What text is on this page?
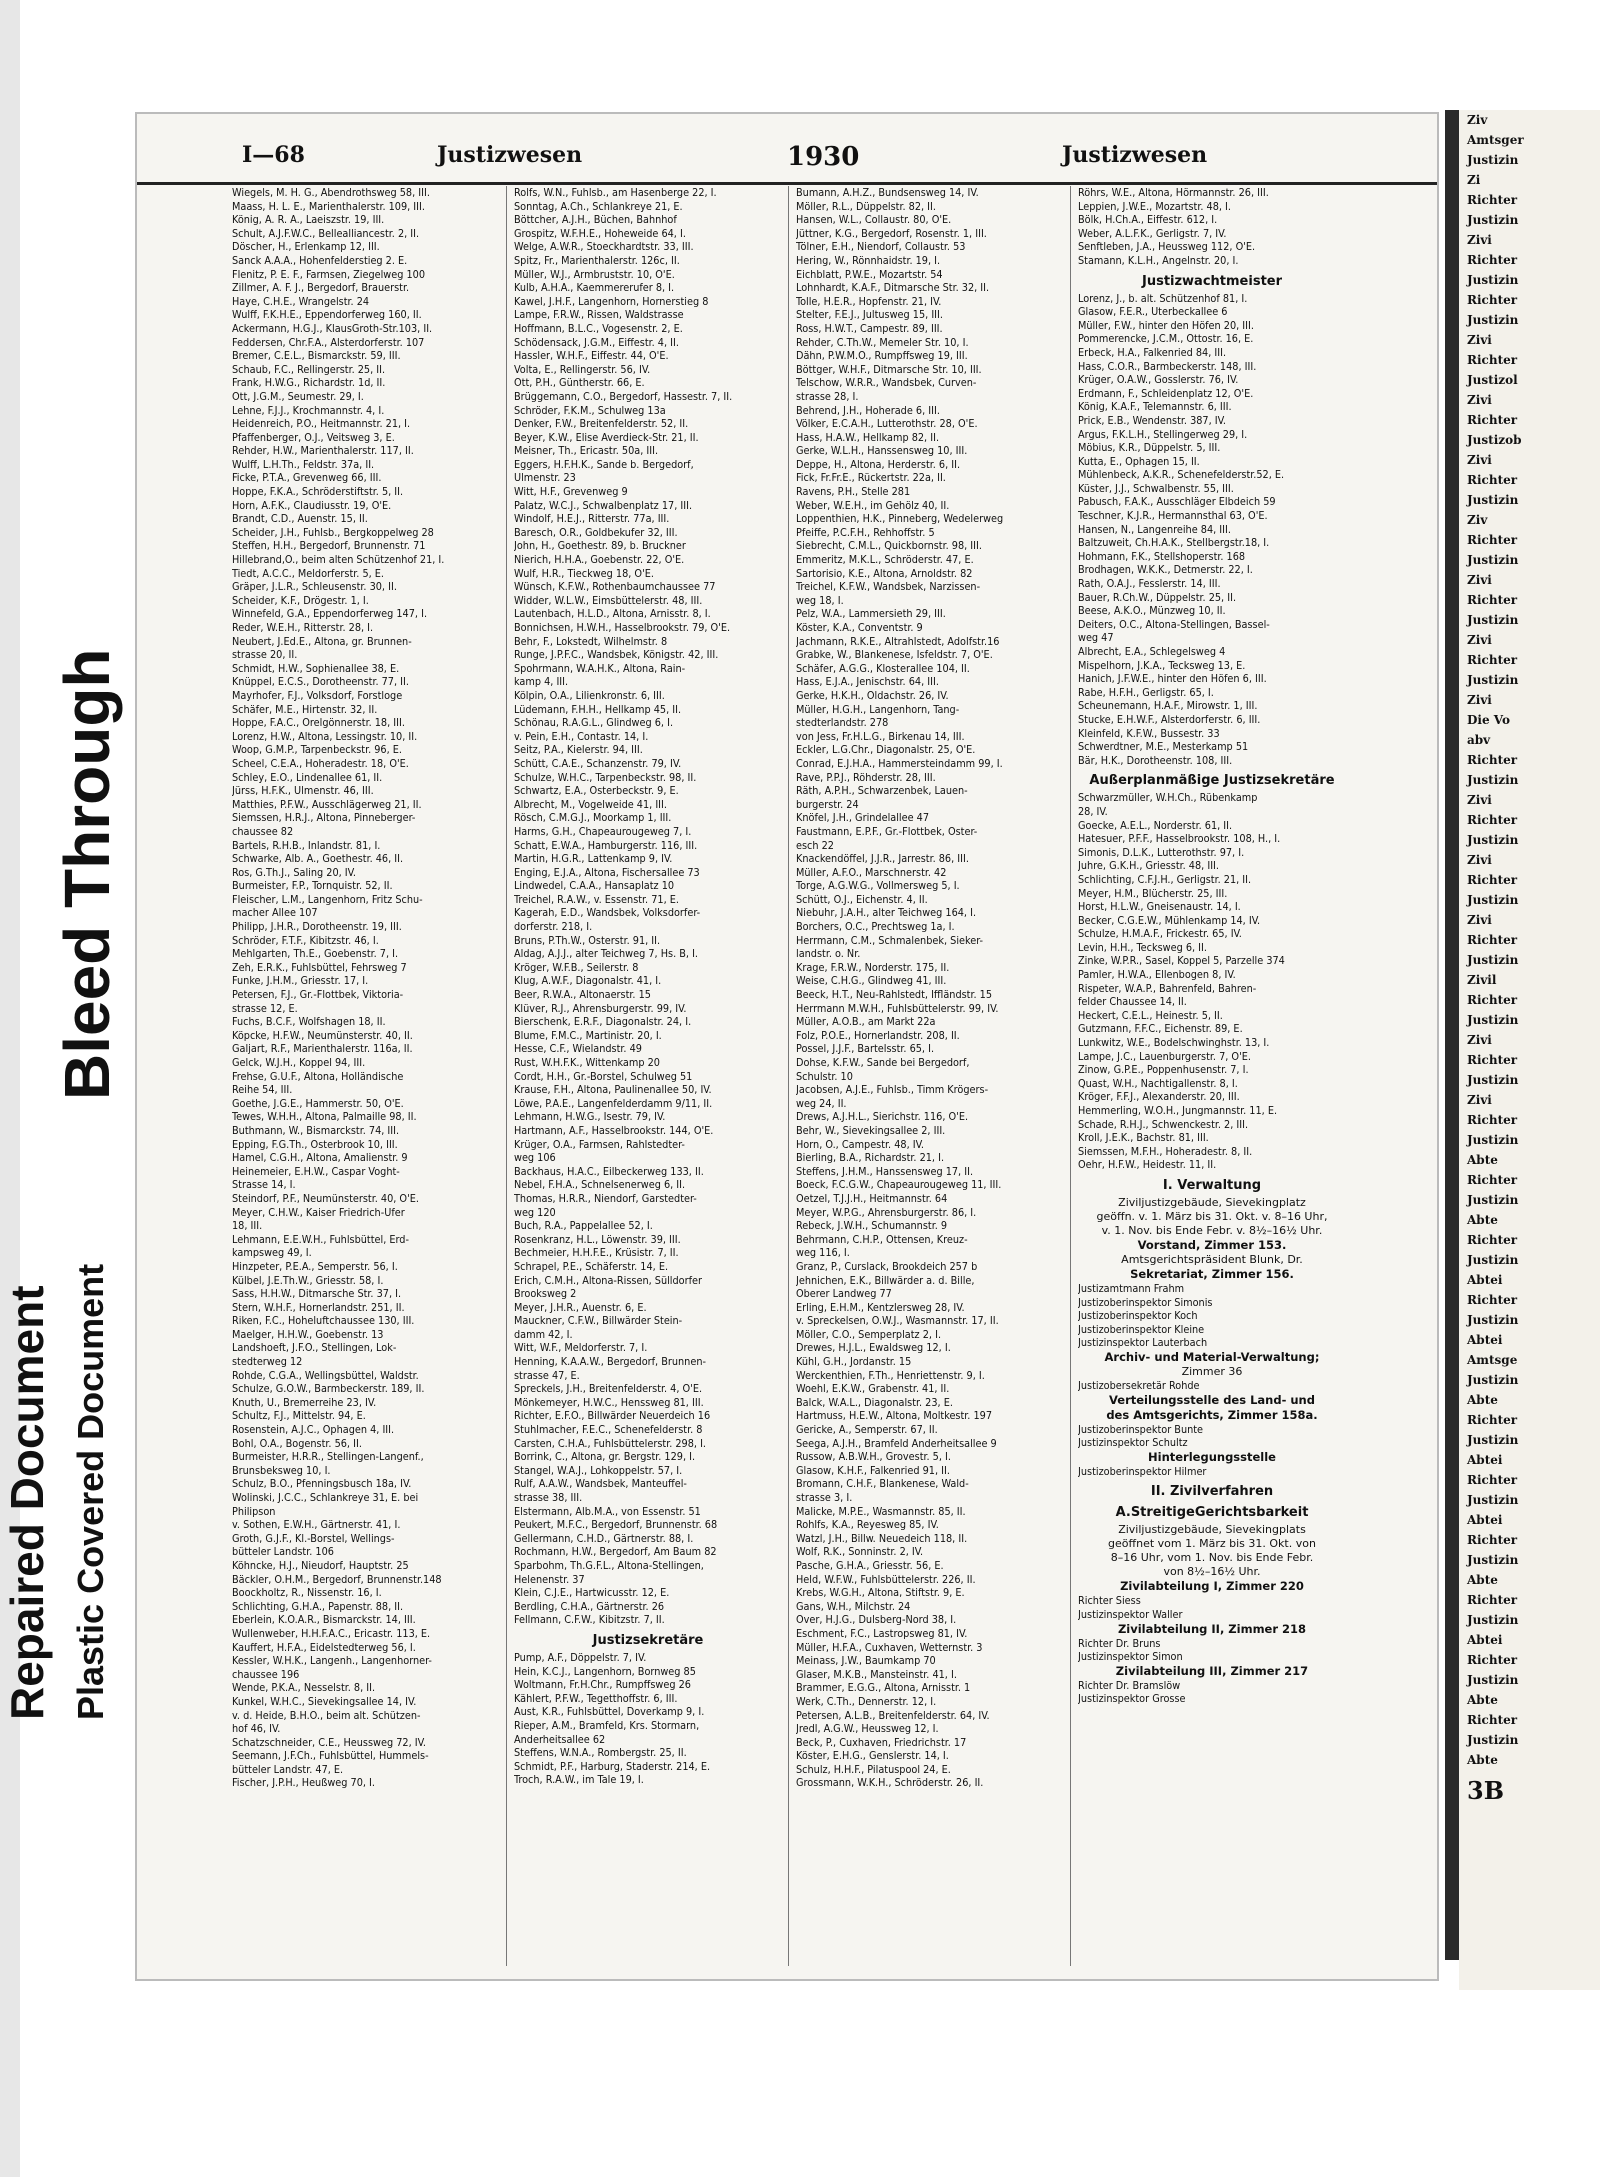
Bleed Through
Plastic Covered Document
Repaired Document
I—68	Justizwesen	1930	Justizwesen
Wiegels, M. H. G., Abendrothsweg 58, III.
Maass, H. L. E., Marienthalerstr. 109, III.
König, A. R. A., Laeiszstr. 19, III.
Schult, A.J.F.W.C., Bellealliancestr. 2, II.
Döscher, H., Erlenkamp 12, III.
Sanck A.A.A., Hohenfelderstieg 2. E.
Flenitz, P. E. F., Farmsen, Ziegelweg 100
Zillmer, A. F. J., Bergedorf, Brauerstr.
Haye, C.H.E., Wrangelstr. 24
Wulff, F.K.H.E., Eppendorferweg 160, II.
Ackermann, H.G.J., KlausGroth-Str.103, II.
Feddersen, Chr.F.A., Alsterdorferstr. 107
Bremer, C.E.L., Bismarckstr. 59, III.
Schaub, F.C., Rellingerstr. 25, II.
Frank, H.W.G., Richardstr. 1d, II.
Ott, J.G.M., Seumestr. 29, I.
Lehne, F.J.J., Krochmannstr. 4, I.
Heidenreich, P.O., Heitmannstr. 21, I.
Pfaffenberger, O.J., Veitsweg 3, E.
Rehder, H.W., Marienthalerstr. 117, II.
Wulff, L.H.Th., Feldstr. 37a, II.
Ficke, P.T.A., Grevenweg 66, III.
Hoppe, F.K.A., Schröderstiftstr. 5, II.
Horn, A.F.K., Claudiusstr. 19, O'E.
Brandt, C.D., Auenstr. 15, II.
Scheider, J.H., Fuhlsb., Bergkoppelweg 28
Steffen, H.H., Bergedorf, Brunnenstr. 71
Hillebrand,O., beim alten Schützenhof 21, I.
Tiedt, A.C.C., Meldorferstr. 5, E.
Gräper, J.L.R., Schleusenstr. 30, II.
Scheider, K.F., Drögestr. 1, I.
Winnefeld, G.A., Eppendorferweg 147, I.
Reder, W.E.H., Ritterstr. 28, I.
Neubert, J.Ed.E., Altona, gr. Brunnen-
strasse 20, II.
Schmidt, H.W., Sophienallee 38, E.
Knüppel, E.C.S., Dorotheenstr. 77, II.
Mayrhofer, F.J., Volksdorf, Forstloge
Schäfer, M.E., Hirtenstr. 32, II.
Hoppe, F.A.C., Orelgönnerstr. 18, III.
Lorenz, H.W., Altona, Lessingstr. 10, II.
Woop, G.M.P., Tarpenbeckstr. 96, E.
Scheel, C.E.A., Hoheradestr. 18, O'E.
Schley, E.O., Lindenallee 61, II.
Jürss, H.F.K., Ulmenstr. 46, III.
Matthies, P.F.W., Ausschlägerweg 21, II.
Siemssen, H.R.J., Altona, Pinneberger-
chaussee 82
Bartels, R.H.B., Inlandstr. 81, I.
Schwarke, Alb. A., Goethestr. 46, II.
Ros, G.Th.J., Saling 20, IV.
Burmeister, F.P., Tornquistr. 52, II.
Fleischer, L.M., Langenhorn, Fritz Schu-
macher Allee 107
Philipp, J.H.R., Dorotheenstr. 19, III.
Schröder, F.T.F., Kibitzstr. 46, I.
Mehlgarten, Th.E., Goebenstr. 7, I.
Zeh, E.R.K., Fuhlsbüttel, Fehrsweg 7
Funke, J.H.M., Griesstr. 17, I.
Petersen, F.J., Gr.-Flottbek, Viktoria-
strasse 12, E.
Fuchs, B.C.F., Wolfshagen 18, II.
Köpcke, H.F.W., Neumünsterstr. 40, II.
Galjart, R.F., Marienthalerstr. 116a, II.
Gelck, W.J.H., Koppel 94, III.
Frehse, G.U.F., Altona, Holländische
Reihe 54, III.
Goethe, J.G.E., Hammerstr. 50, O'E.
Tewes, W.H.H., Altona, Palmaille 98, II.
Buthmann, W., Bismarckstr. 74, III.
Epping, F.G.Th., Osterbrook 10, III.
Hamel, C.G.H., Altona, Amalienstr. 9
Heinemeier, E.H.W., Caspar Voght-
Strasse 14, I.
Steindorf, P.F., Neumünsterstr. 40, O'E.
Meyer, C.H.W., Kaiser Friedrich-Ufer
18, III.
Lehmann, E.E.W.H., Fuhlsbüttel, Erd-
kampsweg 49, I.
Hinzpeter, P.E.A., Semperstr. 56, I.
Külbel, J.E.Th.W., Griesstr. 58, I.
Sass, H.H.W., Ditmarsche Str. 37, I.
Stern, W.H.F., Hornerlandstr. 251, II.
Riken, F.C., Hoheluftchaussee 130, III.
Maelger, H.H.W., Goebenstr. 13
Landshoeft, J.F.O., Stellingen, Lok-
stedterweg 12
Rohde, C.G.A., Wellingsbüttel, Waldstr.
Schulze, G.O.W., Barmbeckerstr. 189, II.
Knuth, U., Bremerreihe 23, IV.
Schultz, F.J., Mittelstr. 94, E.
Rosenstein, A.J.C., Ophagen 4, III.
Bohl, O.A., Bogenstr. 56, II.
Burmeister, H.R.R., Stellingen-Langenf.,
Brunsbeksweg 10, I.
Schulz, B.O., Pfenningsbusch 18a, IV.
Wolinski, J.C.C., Schlankreye 31, E. bei
Philipson
v. Sothen, E.W.H., Gärtnerstr. 41, I.
Groth, G.J.F., Kl.-Borstel, Wellings-
bütteler Landstr. 106
Köhncke, H.J., Nieudorf, Hauptstr. 25
Bäckler, O.H.M., Bergedorf, Brunnenstr.148
Boockholtz, R., Nissenstr. 16, I.
Schlichting, G.H.A., Papenstr. 88, II.
Eberlein, K.O.A.R., Bismarckstr. 14, III.
Wullenweber, H.H.F.A.C., Ericastr. 113, E.
Kauffert, H.F.A., Eidelstedterweg 56, I.
Kessler, W.H.K., Langenh., Langenhorner-
chaussee 196
Wende, P.K.A., Nesselstr. 8, II.
Kunkel, W.H.C., Sievekingsallee 14, IV.
v. d. Heide, B.H.O., beim alt. Schützen-
hof 46, IV.
Schatzschneider, C.E., Heussweg 72, IV.
Seemann, J.F.Ch., Fuhlsbüttel, Hummels-
bütteler Landstr. 47, E.
Fischer, J.P.H., Heußweg 70, I.
Rolfs, W.N., Fuhlsb., am Hasenberge 22, I.
Sonntag, A.Ch., Schlankreye 21, E.
Böttcher, A.J.H., Büchen, Bahnhof
Grospitz, W.F.H.E., Hoheweide 64, I.
Welge, A.W.R., Stoeckhardtstr. 33, III.
Spitz, Fr., Marienthalerstr. 126c, II.
Müller, W.J., Armbruststr. 10, O'E.
Kulb, A.H.A., Kaemmererufer 8, I.
Kawel, J.H.F., Langenhorn, Hornerstieg 8
Lampe, F.R.W., Rissen, Waldstrasse
Hoffmann, B.L.C., Vogesenstr. 2, E.
Schödensack, J.G.M., Eiffestr. 4, II.
Hassler, W.H.F., Eiffestr. 44, O'E.
Volta, E., Rellingerstr. 56, IV.
Ott, P.H., Güntherstr. 66, E.
Brüggemann, C.O., Bergedorf, Hassestr. 7, II.
Schröder, F.K.M., Schulweg 13a
Denker, F.W., Breitenfelderstr. 52, II.
Beyer, K.W., Elise Averdieck-Str. 21, II.
Meisner, Th., Ericastr. 50a, III.
Eggers, H.F.H.K., Sande b. Bergedorf,
Ulmenstr. 23
Witt, H.F., Grevenweg 9
Palatz, W.C.J., Schwalbenplatz 17, III.
Windolf, H.E.J., Ritterstr. 77a, III.
Baresch, O.R., Goldbekufer 32, III.
John, H., Goethestr. 89, b. Bruckner
Nierich, H.H.A., Goebenstr. 22, O'E.
Wulf, H.R., Tieckweg 18, O'E.
Wünsch, K.F.W., Rothenbaumchaussee 77
Widder, W.L.W., Eimsbüttelerstr. 48, III.
Lautenbach, H.L.D., Altona, Arnisstr. 8, I.
Bonnichsen, H.W.H., Hasselbrookstr. 79, O'E.
Behr, F., Lokstedt, Wilhelmstr. 8
Runge, J.P.F.C., Wandsbek, Königstr. 42, III.
Spohrmann, W.A.H.K., Altona, Rain-
kamp 4, III.
Kölpin, O.A., Lilienkronstr. 6, III.
Lüdemann, F.H.H., Hellkamp 45, II.
Schönau, R.A.G.L., Glindweg 6, I.
v. Pein, E.H., Contastr. 14, I.
Seitz, P.A., Kielerstr. 94, III.
Schütt, C.A.E., Schanzenstr. 79, IV.
Schulze, W.H.C., Tarpenbeckstr. 98, II.
Schwartz, E.A., Osterbeckstr. 9, E.
Albrecht, M., Vogelweide 41, III.
Rösch, C.M.G.J., Moorkamp 1, III.
Harms, G.H., Chapeaurougeweg 7, I.
Schatt, E.W.A., Hamburgerstr. 116, III.
Martin, H.G.R., Lattenkamp 9, IV.
Enging, E.J.A., Altona, Fischersallee 73
Lindwedel, C.A.A., Hansaplatz 10
Treichel, R.A.W., v. Essenstr. 71, E.
Kagerah, E.D., Wandsbek, Volksdorfer-
dorferstr. 218, I.
Bruns, P.Th.W., Osterstr. 91, II.
Aldag, A.J.J., alter Teichweg 7, Hs. B, I.
Kröger, W.F.B., Seilerstr. 8
Klug, A.W.F., Diagonalstr. 41, I.
Beer, R.W.A., Altonaerstr. 15
Klüver, R.J., Ahrensburgerstr. 99, IV.
Bierschenk, E.R.F., Diagonalstr. 24, I.
Blume, F.M.C., Martinistr. 20, I.
Hesse, C.F., Wielandstr. 49
Rust, W.H.F.K., Wittenkamp 20
Cordt, H.H., Gr.-Borstel, Schulweg 51
Krause, F.H., Altona, Paulinenallee 50, IV.
Löwe, P.A.E., Langenfelderdamm 9/11, II.
Lehmann, H.W.G., Isestr. 79, IV.
Hartmann, A.F., Hasselbrookstr. 144, O'E.
Krüger, O.A., Farmsen, Rahlstedter-
weg 106
Backhaus, H.A.C., Eilbeckerweg 133, II.
Nebel, F.H.A., Schnelsenerweg 6, II.
Thomas, H.R.R., Niendorf, Garstedter-
weg 120
Buch, R.A., Pappelallee 52, I.
Rosenkranz, H.L., Löwenstr. 39, III.
Bechmeier, H.H.F.E., Krüsistr. 7, II.
Schrapel, P.E., Schäferstr. 14, E.
Erich, C.M.H., Altona-Rissen, Sülldorfer
Brooksweg 2
Meyer, J.H.R., Auenstr. 6, E.
Mauckner, C.F.W., Billwärder Stein-
damm 42, I.
Witt, W.F., Meldorferstr. 7, I.
Henning, K.A.A.W., Bergedorf, Brunnen-
strasse 47, E.
Spreckels, J.H., Breitenfelderstr. 4, O'E.
Mönkemeyer, H.W.C., Henssweg 81, III.
Richter, E.F.O., Billwärder Neuerdeich 16
Stuhlmacher, F.E.C., Schenefelderstr. 8
Carsten, C.H.A., Fuhlsbüttelerstr. 298, I.
Borrink, C., Altona, gr. Bergstr. 129, I.
Stangel, W.A.J., Lohkoppelstr. 57, I.
Rulf, A.A.W., Wandsbek, Manteuffel-
strasse 38, III.
Elstermann, Alb.M.A., von Essenstr. 51
Peukert, M.F.C., Bergedorf, Brunnenstr. 68
Gellermann, C.H.D., Gärtnerstr. 88, I.
Rochmann, H.W., Bergedorf, Am Baum 82
Sparbohm, Th.G.F.L., Altona-Stellingen,
Helenenstr. 37
Klein, C.J.E., Hartwicusstr. 12, E.
Berdling, C.H.A., Gärtnerstr. 26
Fellmann, C.F.W., Kibitzstr. 7, II.
Justizsekretäre
Pump, A.F., Döppelstr. 7, IV.
Hein, K.C.J., Langenhorn, Bornweg 85
Woltmann, Fr.H.Chr., Rumpffsweg 26
Kählert, P.F.W., Tegetthoffstr. 6, III.
Aust, K.R., Fuhlsbüttel, Doverkamp 9, I.
Rieper, A.M., Bramfeld, Krs. Stormarn,
Anderheitsallee 62
Steffens, W.N.A., Rombergstr. 25, II.
Schmidt, P.F., Harburg, Staderstr. 214, E.
Troch, R.A.W., im Tale 19, I.
Bumann, A.H.Z., Bundsensweg 14, IV.
Möller, R.L., Düppelstr. 82, II.
Hansen, W.L., Collaustr. 80, O'E.
Jüttner, K.G., Bergedorf, Rosenstr. 1, III.
Tölner, E.H., Niendorf, Collaustr. 53
Hering, W., Rönnhaidstr. 19, I.
Eichblatt, P.W.E., Mozartstr. 54
Lohnhardt, K.A.F., Ditmarsche Str. 32, II.
Tolle, H.E.R., Hopfenstr. 21, IV.
Stelter, F.E.J., Jultusweg 15, III.
Ross, H.W.T., Campestr. 89, III.
Rehder, C.Th.W., Memeler Str. 10, I.
Dähn, P.W.M.O., Rumpffsweg 19, III.
Böttger, W.H.F., Ditmarsche Str. 10, III.
Telschow, W.R.R., Wandsbek, Curven-
strasse 28, I.
Behrend, J.H., Hoherade 6, III.
Völker, E.C.A.H., Lutterothstr. 28, O'E.
Hass, H.A.W., Hellkamp 82, II.
Gerke, W.L.H., Hanssensweg 10, III.
Deppe, H., Altona, Herderstr. 6, II.
Fick, Fr.Fr.E., Rückertstr. 22a, II.
Ravens, P.H., Stelle 281
Weber, W.E.H., im Gehölz 40, II.
Loppenthien, H.K., Pinneberg, Wedelerweg
Pfeiffe, P.C.F.H., Rehhoffstr. 5
Siebrecht, C.M.L., Quickbornstr. 98, III.
Emmeritz, M.K.L., Schröderstr. 47, E.
Sartorisio, K.E., Altona, Arnoldstr. 82
Treichel, K.F.W., Wandsbek, Narzissen-
weg 18, I.
Pelz, W.A., Lammersieth 29, III.
Köster, K.A., Conventstr. 9
Jachmann, R.K.E., Altrahlstedt, Adolfstr.16
Grabke, W., Blankenese, Isfeldstr. 7, O'E.
Schäfer, A.G.G., Klosterallee 104, II.
Hass, E.J.A., Jenischstr. 64, III.
Gerke, H.K.H., Oldachstr. 26, IV.
Müller, H.G.H., Langenhorn, Tang-
stedterlandstr. 278
von Jess, Fr.H.L.G., Birkenau 14, III.
Eckler, L.G.Chr., Diagonalstr. 25, O'E.
Conrad, E.J.H.A., Hammersteindamm 99, I.
Rave, P.P.J., Röhderstr. 28, III.
Räth, A.P.H., Schwarzenbek, Lauen-
burgerstr. 24
Knöfel, J.H., Grindelallee 47
Faustmann, E.P.F., Gr.-Flottbek, Oster-
esch 22
Knackendöffel, J.J.R., Jarrestr. 86, III.
Müller, A.F.O., Marschnerstr. 42
Torge, A.G.W.G., Vollmersweg 5, I.
Schütt, O.J., Eichenstr. 4, II.
Niebuhr, J.A.H., alter Teichweg 164, I.
Borchers, O.C., Prechtsweg 1a, I.
Herrmann, C.M., Schmalenbek, Sieker-
landstr. o. Nr.
Krage, F.R.W., Norderstr. 175, II.
Weise, C.H.G., Glindweg 41, III.
Beeck, H.T., Neu-Rahlstedt, Iffländstr. 15
Herrmann M.W.H., Fuhlsbüttelerstr. 99, IV.
Müller, A.O.B., am Markt 22a
Folz, P.O.E., Hornerlandstr. 208, II.
Possel, J.J.F., Bartelsstr. 65, I.
Dohse, K.F.W., Sande bei Bergedorf,
Schulstr. 10
Jacobsen, A.J.E., Fuhlsb., Timm Krögers-
weg 24, II.
Drews, A.J.H.L., Sierichstr. 116, O'E.
Behr, W., Sievekingsallee 2, III.
Horn, O., Campestr. 48, IV.
Bierling, B.A., Richardstr. 21, I.
Steffens, J.H.M., Hanssensweg 17, II.
Boeck, F.C.G.W., Chapeaurougeweg 11, III.
Oetzel, T.J.J.H., Heitmannstr. 64
Meyer, W.P.G., Ahrensburgerstr. 86, I.
Rebeck, J.W.H., Schumannstr. 9
Behrmann, C.H.P., Ottensen, Kreuz-
weg 116, I.
Granz, P., Curslack, Brookdeich 257 b
Jehnichen, E.K., Billwärder a. d. Bille,
Oberer Landweg 77
Erling, E.H.M., Kentzlersweg 28, IV.
v. Spreckelsen, O.W.J., Wasmannstr. 17, II.
Möller, C.O., Semperplatz 2, I.
Drewes, H.J.L., Ewaldsweg 12, I.
Kühl, G.H., Jordanstr. 15
Werckenthien, F.Th., Henriettenstr. 9, I.
Woehl, E.K.W., Grabenstr. 41, II.
Balck, W.A.L., Diagonalstr. 23, E.
Hartmuss, H.E.W., Altona, Moltkestr. 197
Gericke, A., Semperstr. 67, II.
Seega, A.J.H., Bramfeld Anderheitsallee 9
Russow, A.B.W.H., Grovestr. 5, I.
Glasow, K.H.F., Falkenried 91, II.
Bromann, C.H.F., Blankenese, Wald-
strasse 3, I.
Malicke, M.P.E., Wasmannstr. 85, II.
Rohlfs, K.A., Reyesweg 85, IV.
Watzl, J.H., Billw. Neuedeich 118, II.
Wolf, R.K., Sonninstr. 2, IV.
Pasche, G.H.A., Griesstr. 56, E.
Held, W.F.W., Fuhlsbüttelerstr. 226, II.
Krebs, W.G.H., Altona, Stiftstr. 9, E.
Gans, W.H., Milchstr. 24
Over, H.J.G., Dulsberg-Nord 38, I.
Eschment, F.C., Lastropsweg 81, IV.
Müller, H.F.A., Cuxhaven, Wetternstr. 3
Meinass, J.W., Baumkamp 70
Glaser, M.K.B., Mansteinstr. 41, I.
Brammer, E.G.G., Altona, Arnisstr. 1
Werk, C.Th., Dennerstr. 12, I.
Petersen, A.L.B., Breitenfelderstr. 64, IV.
Jredl, A.G.W., Heussweg 12, I.
Beck, P., Cuxhaven, Friedrichstr. 17
Köster, E.H.G., Genslerstr. 14, I.
Schulz, H.H.F., Pilatuspool 24, E.
Grossmann, W.K.H., Schröderstr. 26, II.
Röhrs, W.E., Altona, Hörmannstr. 26, III.
Leppien, J.W.E., Mozartstr. 48, I.
Bölk, H.Ch.A., Eiffestr. 612, I.
Weber, A.L.F.K., Gerligstr. 7, IV.
Senftleben, J.A., Heussweg 112, O'E.
Stamann, K.L.H., Angelnstr. 20, I.
Justizwachtmeister
Lorenz, J., b. alt. Schützenhof 81, I.
Glasow, F.E.R., Uterbeckallee 6
Müller, F.W., hinter den Höfen 20, III.
Pommerencke, J.C.M., Ottostr. 16, E.
Erbeck, H.A., Falkenried 84, III.
Hass, C.O.R., Barmbeckerstr. 148, III.
Krüger, O.A.W., Gosslerstr. 76, IV.
Erdmann, F., Schleidenplatz 12, O'E.
König, K.A.F., Telemannstr. 6, III.
Prick, E.B., Wendenstr. 387, IV.
Argus, F.K.L.H., Stellingerweg 29, I.
Möbius, K.R., Düppelstr. 5, III.
Kutta, E., Ophagen 15, II.
Mühlenbeck, A.K.R., Schenefelderstr.52, E.
Küster, J.J., Schwalbenstr. 55, III.
Pabusch, F.A.K., Ausschläger Elbdeich 59
Teschner, K.J.R., Hermannsthal 63, O'E.
Hansen, N., Langenreihe 84, III.
Baltzuweit, Ch.H.A.K., Stellbergstr.18, I.
Hohmann, F.K., Stellshoperstr. 168
Brodhagen, W.K.K., Detmerstr. 22, I.
Rath, O.A.J., Fesslerstr. 14, III.
Bauer, R.Ch.W., Düppelstr. 25, II.
Beese, A.K.O., Münzweg 10, II.
Deiters, O.C., Altona-Stellingen, Bassel-
weg 47
Albrecht, E.A., Schlegelsweg 4
Mispelhorn, J.K.A., Tecksweg 13, E.
Hanich, J.F.W.E., hinter den Höfen 6, III.
Rabe, H.F.H., Gerligstr. 65, I.
Scheunemann, H.A.F., Mirowstr. 1, III.
Stucke, E.H.W.F., Alsterdorferstr. 6, III.
Kleinfeld, K.F.W., Bussestr. 33
Schwerdtner, M.E., Mesterkamp 51
Bär, H.K., Dorotheenstr. 108, III.
Außerplanmäßige Justizsekretäre
Schwarzmüller, W.H.Ch., Rübenkamp
28, IV.
Goecke, A.E.L., Norderstr. 61, II.
Hatesuer, P.F.F., Hasselbrookstr. 108, H., I.
Simonis, D.L.K., Lutterothstr. 97, I.
Juhre, G.K.H., Griesstr. 48, III.
Schlichting, C.F.J.H., Gerligstr. 21, II.
Meyer, H.M., Blücherstr. 25, III.
Horst, H.L.W., Gneisenaustr. 14, I.
Becker, C.G.E.W., Mühlenkamp 14, IV.
Schulze, H.M.A.F., Frickestr. 65, IV.
Levin, H.H., Tecksweg 6, II.
Zinke, W.P.R., Sasel, Koppel 5, Parzelle 374
Pamler, H.W.A., Ellenbogen 8, IV.
Rispeter, W.A.P., Bahrenfeld, Bahren-
felder Chaussee 14, II.
Heckert, C.E.L., Heinestr. 5, II.
Gutzmann, F.F.C., Eichenstr. 89, E.
Lunkwitz, W.E., Bodelschwinghstr. 13, I.
Lampe, J.C., Lauenburgerstr. 7, O'E.
Zinow, G.P.E., Poppenhusenstr. 7, I.
Quast, W.H., Nachtigallenstr. 8, I.
Kröger, F.F.J., Alexanderstr. 20, III.
Hemmerling, W.O.H., Jungmannstr. 11, E.
Schade, R.H.J., Schwenckestr. 2, III.
Kroll, J.E.K., Bachstr. 81, III.
Siemssen, M.F.H., Hoheradestr. 8, II.
Oehr, H.F.W., Heidestr. 11, II.
I. Verwaltung
Ziviljustizgebäude, Sievekingplatz
geöffn. v. 1. März bis 31. Okt. v. 8–16 Uhr,
v. 1. Nov. bis Ende Febr. v. 8½–16½ Uhr.
Vorstand, Zimmer 153.
Amtsgerichtspräsident Blunk, Dr.
Sekretariat, Zimmer 156.
Justizamtmann Frahm
Justizoberinspektor Simonis
Justizoberinspektor Koch
Justizoberinspektor Kleine
Justizinspektor Lauterbach
Archiv- und Material-Verwaltung;
Zimmer 36
Justizobersekretär Rohde
Verteilungsstelle des Land- und
des Amtsgerichts, Zimmer 158a.
Justizoberinspektor Bunte
Justizinspektor Schultz
Hinterlegungsstelle
Justizoberinspektor Hilmer
II. Zivilverfahren
A.StreitigeGerichtsbarkeit
Ziviljustizgebäude, Sievekingplats
geöffnet vom 1. März bis 31. Okt. von
8–16 Uhr, vom 1. Nov. bis Ende Febr.
von 8½–16½ Uhr.
Zivilabteilung I, Zimmer 220
Richter Siess
Justizinspektor Waller
Zivilabteilung II, Zimmer 218
Richter Dr. Bruns
Justizinspektor Simon
Zivilabteilung III, Zimmer 217
Richter Dr. Bramslöw
Justizinspektor Grosse
Ziv
Amtsger
Justizin
Zi
Richter
Justizin
Zivi
Richter
Justizin
Richter
Justizin
Zivi
Richter
Justizol
Zivi
Richter
Justizob
Zivi
Richter
Justizin
Ziv
Richter
Justizin
Zivi
Richter
Justizin
Zivi
Richter
Justizin
Zivi
Die Vo
abv
Richter
Justizin
Zivi
Richter
Justizin
Zivi
Richter
Justizin
Zivi
Richter
Justizin
Zivil
Richter
Justizin
Zivi
Richter
Justizin
Zivi
Richter
Justizin
Abte
Richter
Justizin
Abte
Richter
Justizin
Abtei
Richter
Justizin
Abtei
Amtsge
Justizin
Abte
Richter
Justizin
Abtei
Richter
Justizin
Abtei
Richter
Justizin
Abte
Richter
Justizin
Abtei
Richter
Justizin
Abte
Richter
Justizin
Abte
3B
